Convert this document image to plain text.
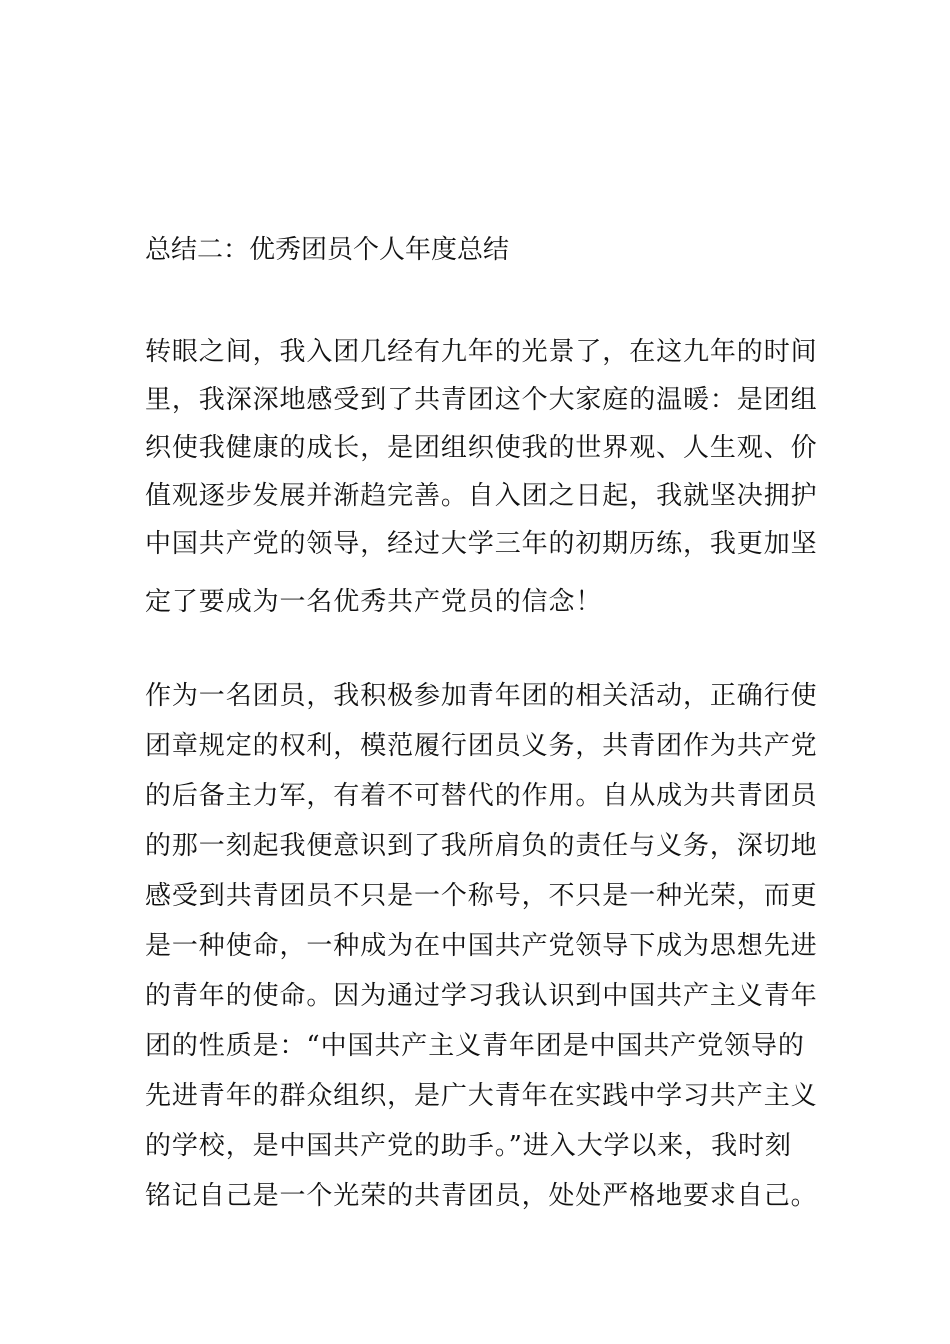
总结二：优秀团员个人年度总结
转眼之间，我入团几经有九年的光景了，在这九年的时间
里，我深深地感受到了共青团这个大家庭的温暖：是团组
织使我健康的成长，是团组织使我的世界观、人生观、价
值观逐步发展并渐趋完善。自入团之日起，我就坚决拥护
中国共产党的领导，经过大学三年的初期历练，我更加坚
定了要成为一名优秀共产党员的信念！
作为一名团员，我积极参加青年团的相关活动，正确行使
团章规定的权利，模范履行团员义务，共青团作为共产党
的后备主力军，有着不可替代的作用。自从成为共青团员
的那一刻起我便意识到了我所肩负的责任与义务，深切地
感受到共青团员不只是一个称号，不只是一种光荣，而更
是一种使命，一种成为在中国共产党领导下成为思想先进
的青年的使命。因为通过学习我认识到中国共产主义青年
团的性质是：“中国共产主义青年团是中国共产党领导的
先进青年的群众组织，是广大青年在实践中学习共产主义
的学校，是中国共产党的助手。”进入大学以来，我时刻
铭记自己是一个光荣的共青团员，处处严格地要求自己。
